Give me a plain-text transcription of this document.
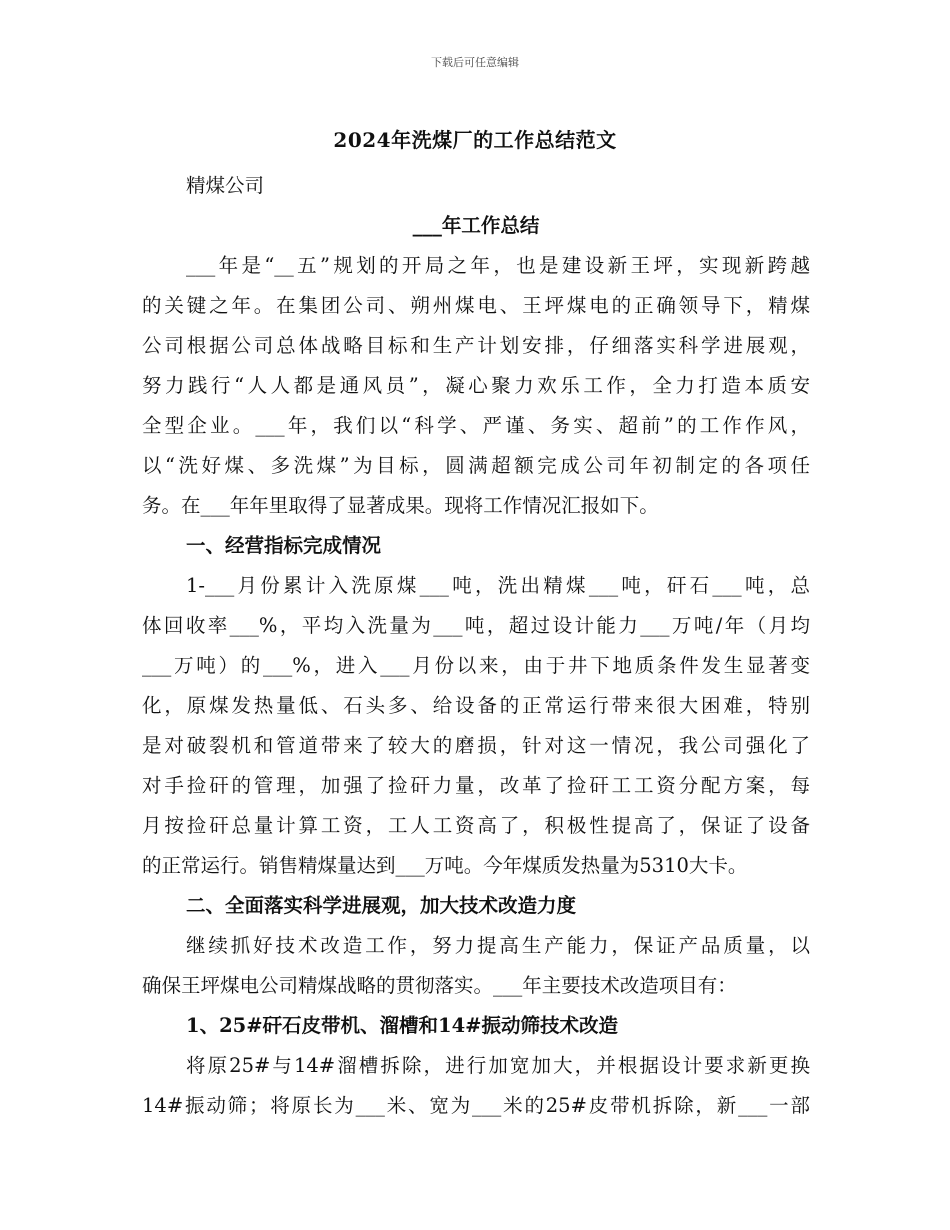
下载后可任意编辑
2024年洗煤厂的工作总结范文
精煤公司
___年工作总结
___年是“__五”规划的开局之年，也是建设新王坪，实现新跨越
的关键之年。在集团公司、朔州煤电、王坪煤电的正确领导下，精煤
公司根据公司总体战略目标和生产计划安排，仔细落实科学进展观，
努力践行“人人都是通风员”，凝心聚力欢乐工作，全力打造本质安
全型企业。___年，我们以“科学、严谨、务实、超前”的工作作风，
以“洗好煤、多洗煤”为目标，圆满超额完成公司年初制定的各项任
务。在___年年里取得了显著成果。现将工作情况汇报如下。
一、经营指标完成情况
1-___月份累计入洗原煤___吨，洗出精煤___吨，矸石___吨，总
体回收率___%，平均入洗量为___吨，超过设计能力___万吨/年（月均
___万吨）的___%，进入___月份以来，由于井下地质条件发生显著变
化，原煤发热量低、石头多、给设备的正常运行带来很大困难，特别
是对破裂机和管道带来了较大的磨损，针对这一情况，我公司强化了
对手捡矸的管理，加强了捡矸力量，改革了捡矸工工资分配方案，每
月按捡矸总量计算工资，工人工资高了，积极性提高了，保证了设备
的正常运行。销售精煤量达到___万吨。今年煤质发热量为5310大卡。
二、全面落实科学进展观，加大技术改造力度
继续抓好技术改造工作，努力提高生产能力，保证产品质量，以
确保王坪煤电公司精煤战略的贯彻落实。___年主要技术改造项目有：
1、25#矸石皮带机、溜槽和14#振动筛技术改造
将原25#与14#溜槽拆除，进行加宽加大，并根据设计要求新更换
14#振动筛；将原长为___米、宽为___米的25#皮带机拆除，新___一部
